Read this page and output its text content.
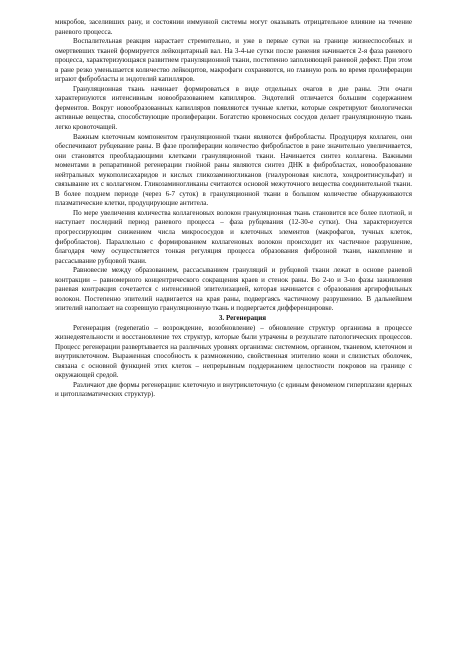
микробов, заселивших рану, и состоянии иммунной системы могут оказывать отрицательное влияние на течение раневого процесса.

Воспалительная реакция нарастает стремительно, и уже в первые сутки на границе жизнеспособных и омертвевших тканей формируется лейкоцитарный вал. На 3-4-ые сутки после ранения начинается 2-я фаза раневого процесса, характеризующаяся развитием грануляционной ткани, постепенно заполняющей раневой дефект. При этом в ране резко уменьшается количество лейкоцитов, макрофаги сохраняются, но главную роль во время пролиферации играют фибробласты и эндотелий капилляров.

Грануляционная ткань начинает формироваться в виде отдельных очагов в дне раны. Эти очаги характеризуются интенсивным новообразованием капилляров. Эндотелий отличается большим содержанием ферментов. Вокруг новообразованных капилляров появляются тучные клетки, которые секретируют биологически активные вещества, способствующие пролиферации. Богатство кровеносных сосудов делает грануляционную ткань легко кровоточащей.

Важным клеточным компонентом грануляционной ткани являются фибробласты. Продуцируя коллаген, они обеспечивают рубцевание раны. В фазе пролиферации количество фибробластов в ране значительно увеличивается, они становятся преобладающими клетками грануляционной ткани. Начинается синтез коллагена. Важными моментами в репаративной регенерации гнойной раны являются синтез ДНК в фибробластах, новообразование нейтральных мукополисахаридов и кислых гликозаминогликанов (гиалуроновая кислота, хондроитинсульфат) и связывание их с коллагеном. Гликозаминогликаны считаются основой межуточного вещества соединительной ткани. В более позднем периоде (через 6-7 суток) в грануляционной ткани в большом количестве обнаруживаются плазматические клетки, продуцирующие антитела.

По мере увеличения количества коллагеновых волокон грануляционная ткань становится все более плотной, и наступает последний период раневого процесса – фаза рубцевания (12-30-е сутки). Она характеризуется прогрессирующим снижением числа микрососудов и клеточных элементов (макрофагов, тучных клеток, фибробластов). Параллельно с формированием коллагеновых волокон происходит их частичное разрушение, благодаря чему осуществляется тонкая регуляция процесса образования фиброзной ткани, накопление и рассасывание рубцовой ткани.

Равновесие между образованием, рассасыванием грануляций и рубцовой ткани лежат в основе раневой контракции – равномерного концентрического сокращения краев и стенок раны. Во 2-ю и 3-ю фазы заживления раневая контракция сочетается с интенсивной эпителизацией, которая начинается с образования аргирофильных волокон. Постепенно эпителий надвигается на края раны, подвергаясь частичному разрушению. В дальнейшем эпителий наползает на созревшую грануляционную ткань и подвергается дифференцировке.

3. Регенерация

Регенерация (regeneratio – возрождение, возобновление) – обновление структур организма в процессе жизнедеятельности и восстановление тех структур, которые были утрачены в результате патологических процессов. Процесс регенерации развертывается на различных уровнях организма: системном, органном, тканевом, клеточном и внутриклеточном. Выраженная способность к размножению, свойственная эпителию кожи и слизистых оболочек, связана с основной функцией этих клеток – непрерывным поддержанием целостности покровов на границе с окружающей средой.

Различают две формы регенерации: клеточную и внутриклеточную (с единым феноменом гиперплазии ядерных и цитоплазматических структур).
